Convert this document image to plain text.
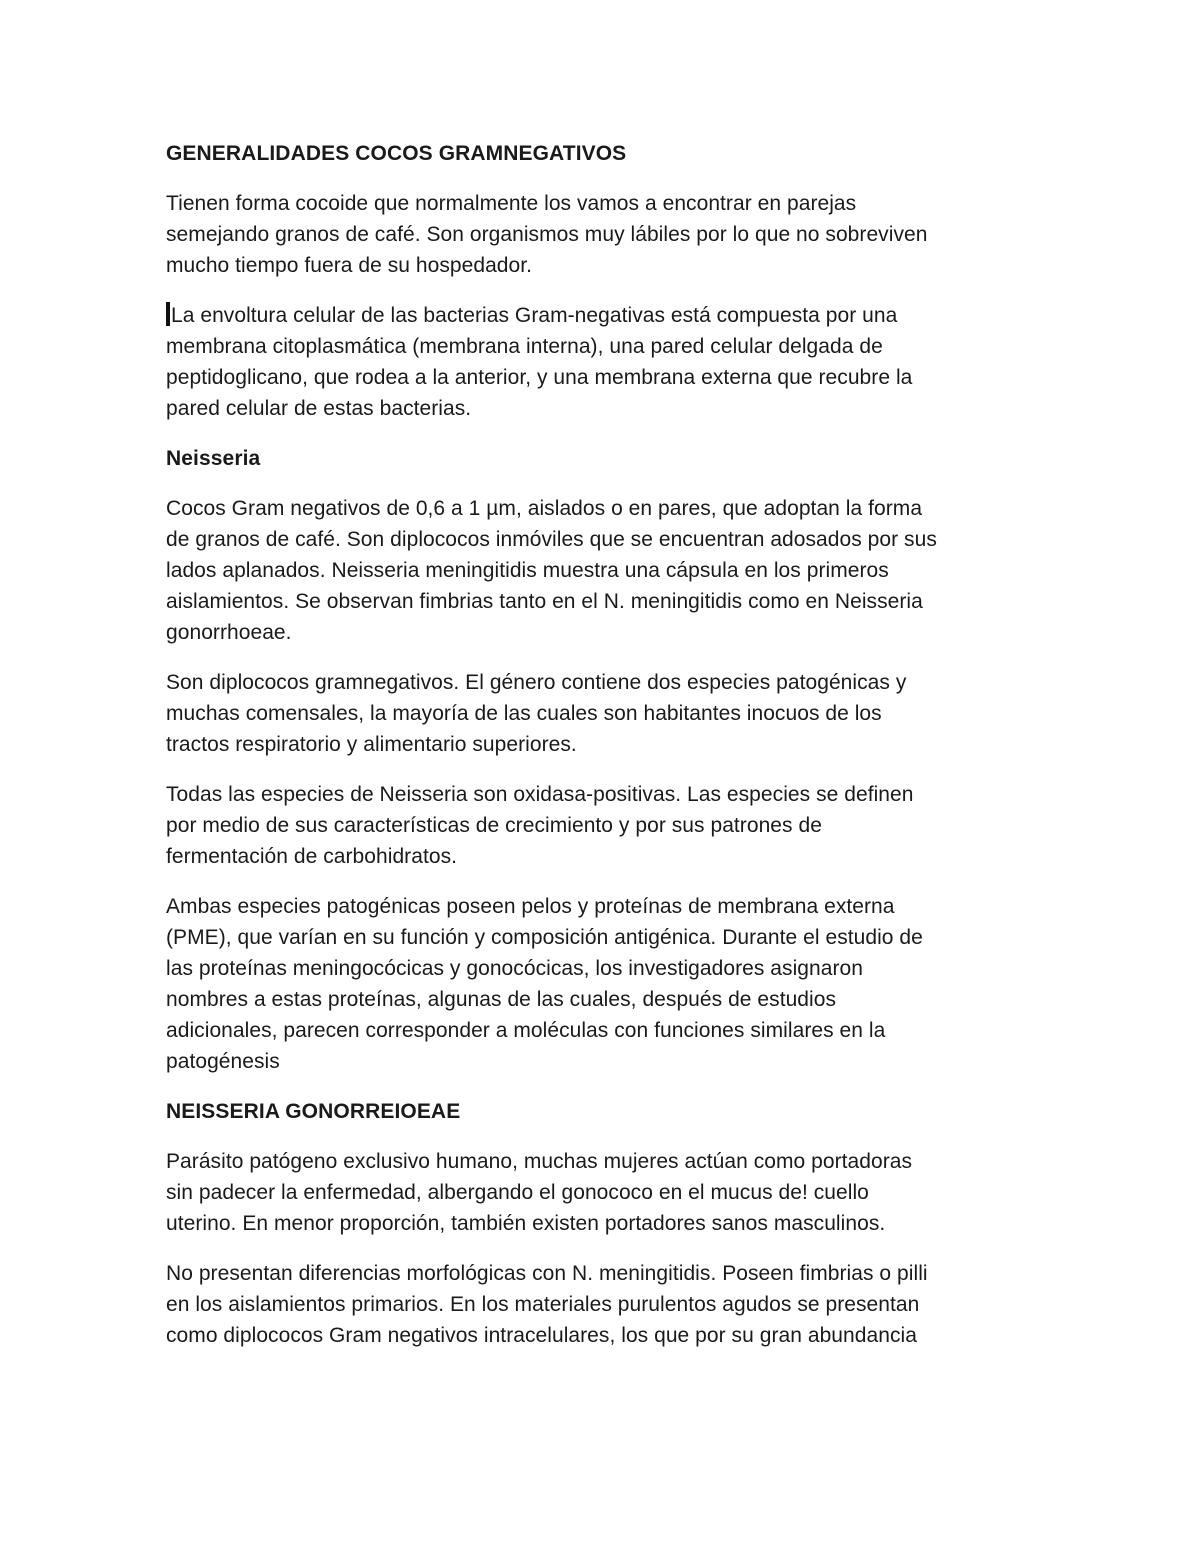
GENERALIDADES COCOS GRAMNEGATIVOS
Tienen forma cocoide que normalmente los vamos a encontrar en parejas
semejando granos de café. Son organismos muy lábiles por lo que no sobreviven
mucho tiempo fuera de su hospedador.
La envoltura celular de las bacterias Gram-negativas está compuesta por una
membrana citoplasmática (membrana interna), una pared celular delgada de
peptidoglicano, que rodea a la anterior, y una membrana externa que recubre la
pared celular de estas bacterias.
Neisseria
Cocos Gram negativos de 0,6 a 1 µm, aislados o en pares, que adoptan la forma
de granos de café. Son diplococos inmóviles que se encuentran adosados por sus
lados aplanados. Neisseria meningitidis muestra una cápsula en los primeros
aislamientos. Se observan fimbrias tanto en el N. meningitidis como en Neisseria
gonorrhoeae.
Son diplococos gramnegativos. El género contiene dos especies patogénicas y
muchas comensales, la mayoría de las cuales son habitantes inocuos de los
tractos respiratorio y alimentario superiores.
Todas las especies de Neisseria son oxidasa-positivas. Las especies se definen
por medio de sus características de crecimiento y por sus patrones de
fermentación de carbohidratos.
Ambas especies patogénicas poseen pelos y proteínas de membrana externa
(PME), que varían en su función y composición antigénica. Durante el estudio de
las proteínas meningocócicas y gonocócicas, los investigadores asignaron
nombres a estas proteínas, algunas de las cuales, después de estudios
adicionales, parecen corresponder a moléculas con funciones similares en la
patogénesis
NEISSERIA GONORREIOEAE
Parásito patógeno exclusivo humano, muchas mujeres actúan como portadoras
sin padecer la enfermedad, albergando el gonococo en el mucus de! cuello
uterino. En menor proporción, también existen portadores sanos masculinos.
No presentan diferencias morfológicas con N. meningitidis. Poseen fimbrias o pilli
en los aislamientos primarios. En los materiales purulentos agudos se presentan
como diplococos Gram negativos intracelulares, los que por su gran abundancia
